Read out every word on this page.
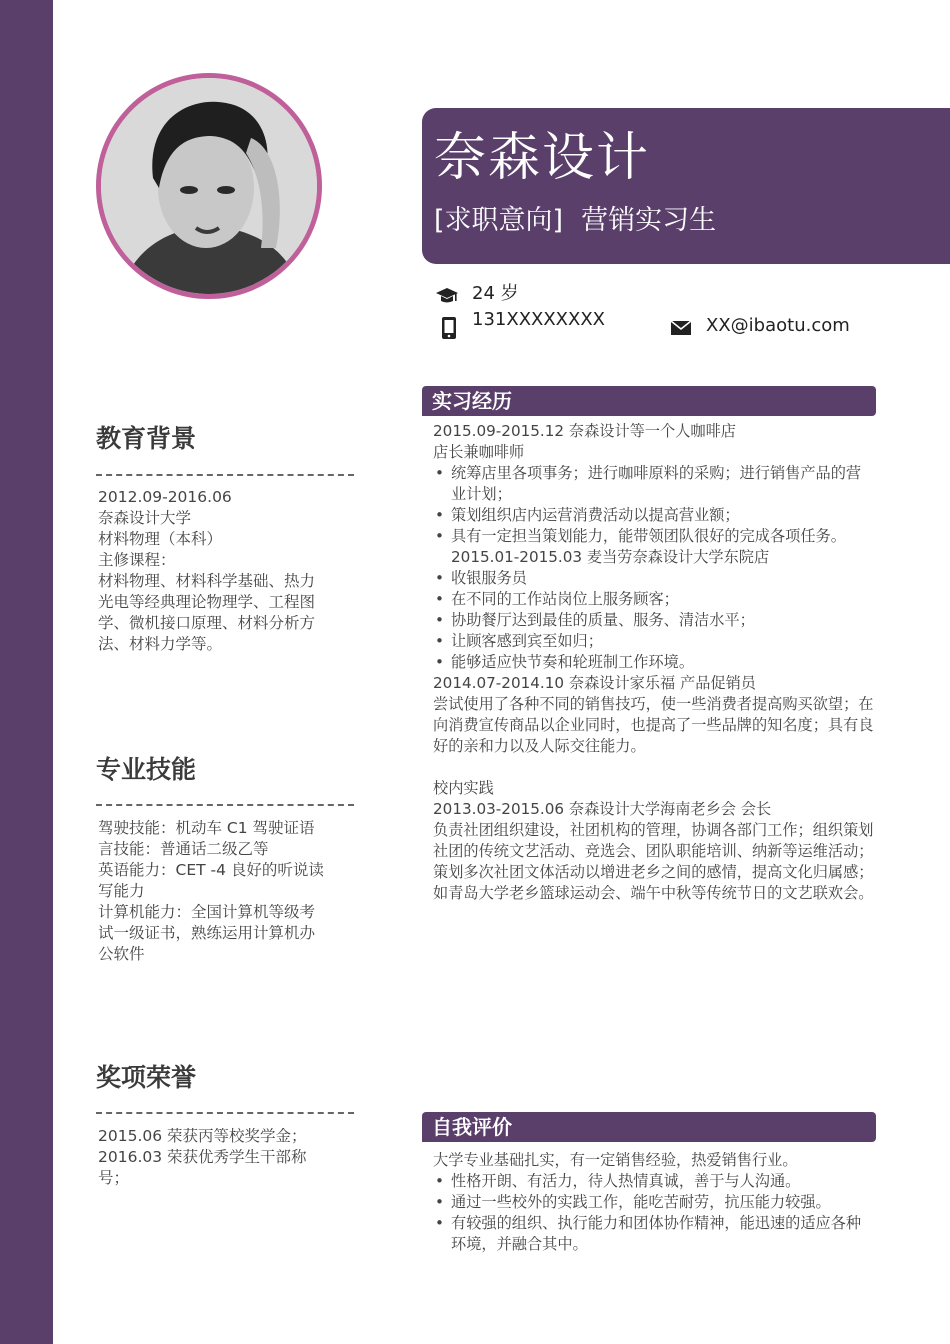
奈森设计
[求职意向] 营销实习生
24 岁
131XXXXXXXX	XX@ibaotu.com
教育背景
2012.09-2016.06
奈森设计大学
材料物理（本科）
主修课程：
材料物理、材料科学基础、热力光电等经典理论物理学、工程图学、微机接口原理、材料分析方法、材料力学等。
专业技能
驾驶技能：机动车 C1 驾驶证语
言技能：普通话二级乙等
英语能力：CET -4 良好的听说读写能力
计算机能力：全国计算机等级考试一级证书，熟练运用计算机办公软件
奖项荣誉
2015.06 荣获丙等校奖学金；
2016.03 荣获优秀学生干部称号；
实习经历
2015.09-2015.12 奈森设计等一个人咖啡店
店长兼咖啡师
• 统筹店里各项事务；进行咖啡原料的采购；进行销售产品的营业计划；
• 策划组织店内运营消费活动以提高营业额；
• 具有一定担当策划能力，能带领团队很好的完成各项任务。 2015.01-2015.03 麦当劳奈森设计大学东院店
• 收银服务员
• 在不同的工作站岗位上服务顾客；
• 协助餐厅达到最佳的质量、服务、清洁水平；
• 让顾客感到宾至如归；
• 能够适应快节奏和轮班制工作环境。
2014.07-2014.10 奈森设计家乐福 产品促销员
尝试使用了各种不同的销售技巧，使一些消费者提高购买欲望；在向消费宣传商品以企业同时，也提高了一些品牌的知名度；具有良好的亲和力以及人际交往能力。
校内实践
2013.03-2015.06 奈森设计大学海南老乡会 会长
负责社团组织建设，社团机构的管理，协调各部门工作；组织策划社团的传统文艺活动、竞选会、团队职能培训、纳新等运维活动；策划多次社团文体活动以增进老乡之间的感情，提高文化归属感；如青岛大学老乡篮球运动会、端午中秋等传统节日的文艺联欢会。
自我评价
大学专业基础扎实，有一定销售经验，热爱销售行业。
• 性格开朗、有活力，待人热情真诚，善于与人沟通。
• 通过一些校外的实践工作，能吃苦耐劳，抗压能力较强。
• 有较强的组织、执行能力和团体协作精神，能迅速的适应各种环境，并融合其中。
